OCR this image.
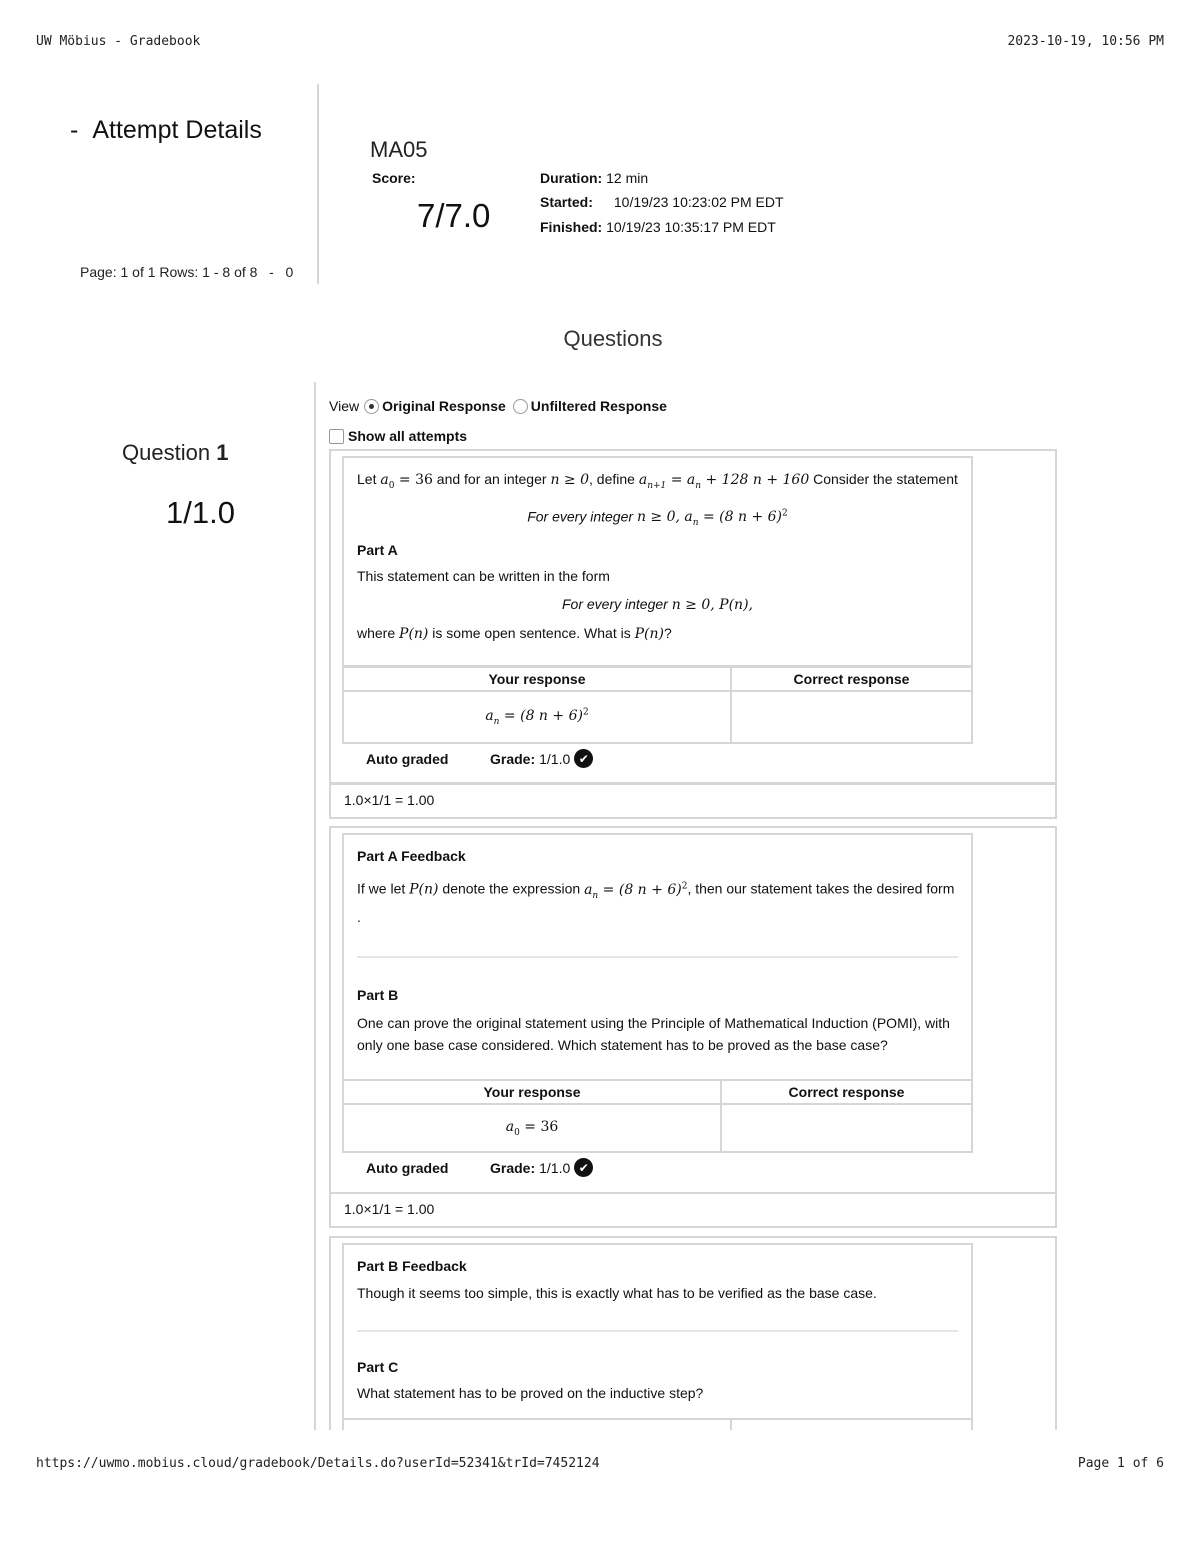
UW Möbius - Gradebook	2023-10-19, 10:56 PM
- Attempt Details
Page: 1 of 1 Rows: 1 - 8 of 8 - 0
MA05
Score:
7/7.0
Duration: 12 min
Started: 10/19/23 10:23:02 PM EDT
Finished: 10/19/23 10:35:17 PM EDT
Questions
Question 1
1/1.0
View Original Response Unfiltered Response
Show all attempts
Let $a_0 = 36$ and for an integer n ≥ 0, define $a_{n+1} = a_n + 128$ n + 160 Consider the statement
For every integer n ≥ 0, $a_n = (8$ n + 6)$^2$
Part A
This statement can be written in the form
For every integer n ≥ 0, P(n),
where P(n) is some open sentence. What is P(n)?
Your response	Correct response
$a_n = (8$ n + 6)$^2$	
Auto graded	Grade: 1/1.0 ✔
1.0×1/1 = 1.00
Part A Feedback
If we let P(n) denote the expression $a_n = (8$ n + 6)$^2$, then our statement takes the desired form .
Part B
One can prove the original statement using the Principle of Mathematical Induction (POMI), with only one base case considered. Which statement has to be proved as the base case?
Your response	Correct response
$a_0 = 36$	
Auto graded	Grade: 1/1.0 ✔
1.0×1/1 = 1.00
Part B Feedback
Though it seems too simple, this is exactly what has to be verified as the base case.
Part C
What statement has to be proved on the inductive step?
https://uwmo.mobius.cloud/gradebook/Details.do?userId=52341&trId=7452124	Page 1 of 6
